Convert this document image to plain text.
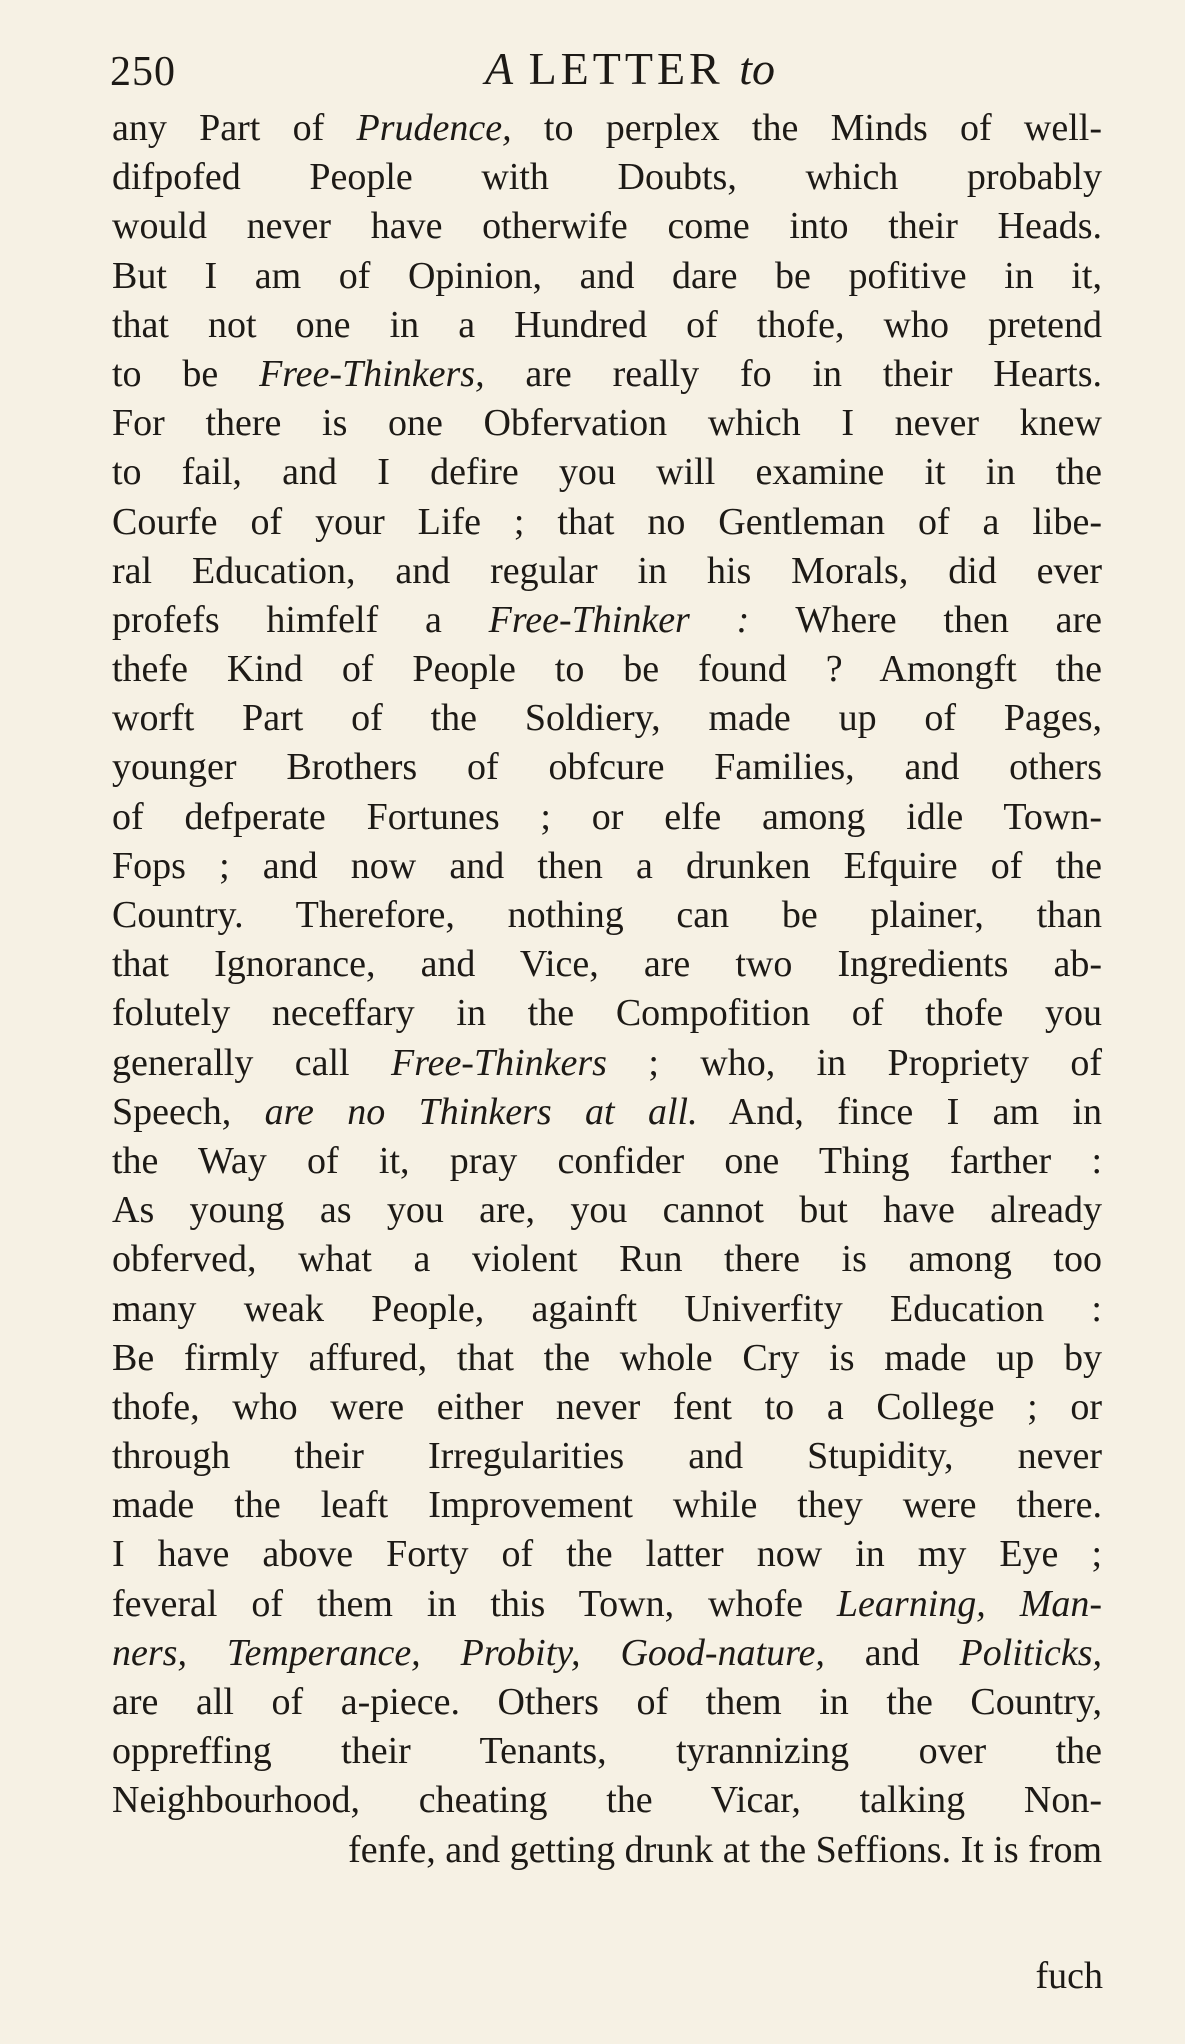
250	A LETTER to
any Part of Prudence, to perplex the Minds of well-
difpofed People with Doubts, which probably
would never have otherwife come into their Heads.
But I am of Opinion, and dare be pofitive in it,
that not one in a Hundred of thofe, who pretend
to be Free-Thinkers, are really fo in their Hearts.
For there is one Obfervation which I never knew
to fail, and I defire you will examine it in the
Courfe of your Life ; that no Gentleman of a libe-
ral Education, and regular in his Morals, did ever
profefs himfelf a Free-Thinker : Where then are
thefe Kind of People to be found ? Amongft the
worft Part of the Soldiery, made up of Pages,
younger Brothers of obfcure Families, and others
of defperate Fortunes ; or elfe among idle Town-
Fops ; and now and then a drunken Efquire of the
Country. Therefore, nothing can be plainer, than
that Ignorance, and Vice, are two Ingredients ab-
folutely neceffary in the Compofition of thofe you
generally call Free-Thinkers ; who, in Propriety of
Speech, are no Thinkers at all. And, fince I am in
the Way of it, pray confider one Thing farther :
As young as you are, you cannot but have already
obferved, what a violent Run there is among too
many weak People, againft Univerfity Education :
Be firmly affured, that the whole Cry is made up by
thofe, who were either never fent to a College ; or
through their Irregularities and Stupidity, never
made the leaft Improvement while they were there.
I have above Forty of the latter now in my Eye ;
feveral of them in this Town, whofe Learning, Man-
ners, Temperance, Probity, Good-nature, and Politicks,
are all of a-piece. Others of them in the Country,
oppreffing their Tenants, tyrannizing over the
Neighbourhood, cheating the Vicar, talking Non-
fenfe, and getting drunk at the Seffions. It is from
fuch
